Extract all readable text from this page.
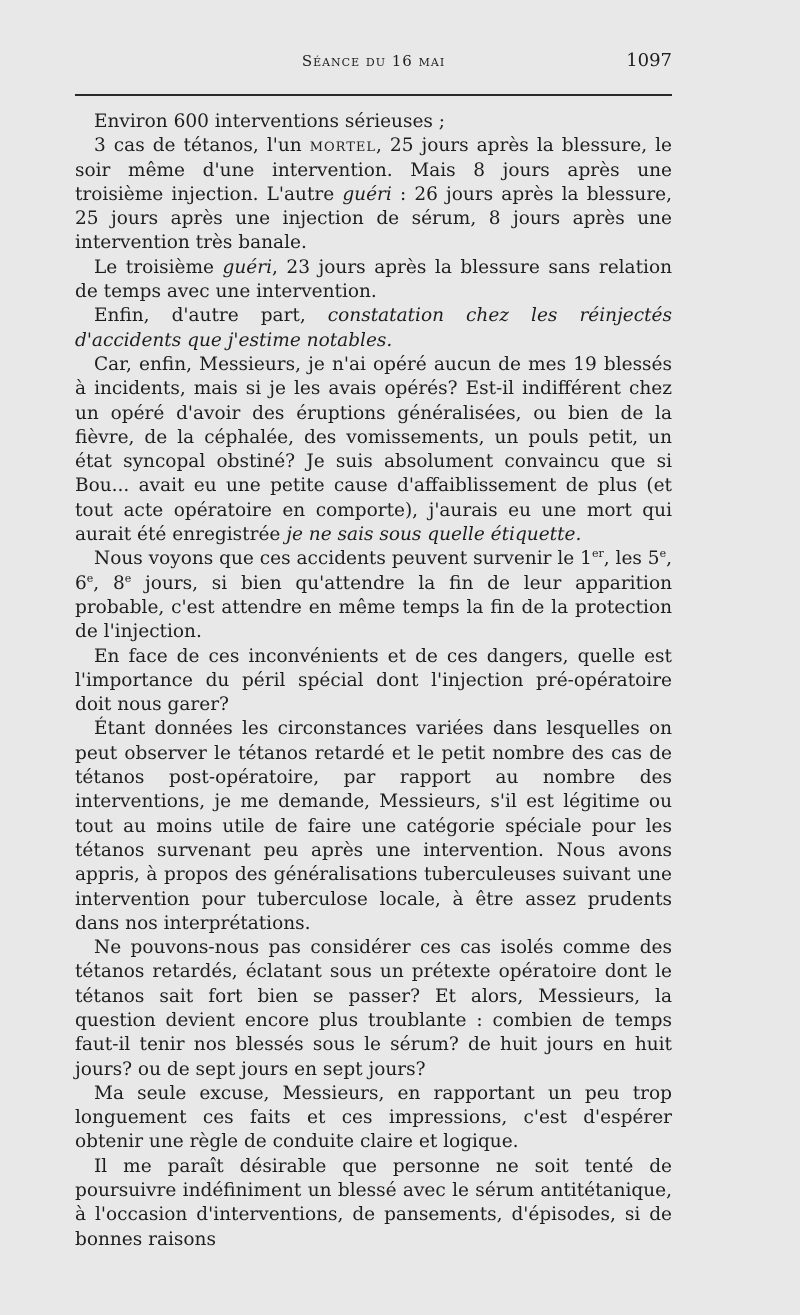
Séance du 16 mai	1097

Environ 600 interventions sérieuses ;

3 cas de tétanos, l'un mortel, 25 jours après la blessure, le soir même d'une intervention. Mais 8 jours après une troisième injection. L'autre guéri : 26 jours après la blessure, 25 jours après une injection de sérum, 8 jours après une intervention très banale.

Le troisième guéri, 23 jours après la blessure sans relation de temps avec une intervention.

Enfin, d'autre part, constatation chez les réinjectés d'accidents que j'estime notables.

Car, enfin, Messieurs, je n'ai opéré aucun de mes 19 blessés à incidents, mais si je les avais opérés? Est-il indifférent chez un opéré d'avoir des éruptions généralisées, ou bien de la fièvre, de la céphalée, des vomissements, un pouls petit, un état syncopal obstiné? Je suis absolument convaincu que si Bou... avait eu une petite cause d'affaiblissement de plus (et tout acte opératoire en comporte), j'aurais eu une mort qui aurait été enregistrée je ne sais sous quelle étiquette.

Nous voyons que ces accidents peuvent survenir le 1er, les 5e, 6e, 8e jours, si bien qu'attendre la fin de leur apparition probable, c'est attendre en même temps la fin de la protection de l'injection.

En face de ces inconvénients et de ces dangers, quelle est l'importance du péril spécial dont l'injection pré-opératoire doit nous garer?

Étant données les circonstances variées dans lesquelles on peut observer le tétanos retardé et le petit nombre des cas de tétanos post-opératoire, par rapport au nombre des interventions, je me demande, Messieurs, s'il est légitime ou tout au moins utile de faire une catégorie spéciale pour les tétanos survenant peu après une intervention. Nous avons appris, à propos des généralisations tuberculeuses suivant une intervention pour tuberculose locale, à être assez prudents dans nos interprétations.

Ne pouvons-nous pas considérer ces cas isolés comme des tétanos retardés, éclatant sous un prétexte opératoire dont le tétanos sait fort bien se passer? Et alors, Messieurs, la question devient encore plus troublante : combien de temps faut-il tenir nos blessés sous le sérum? de huit jours en huit jours? ou de sept jours en sept jours?

Ma seule excuse, Messieurs, en rapportant un peu trop longuement ces faits et ces impressions, c'est d'espérer obtenir une règle de conduite claire et logique.

Il me paraît désirable que personne ne soit tenté de poursuivre indéfiniment un blessé avec le sérum antitétanique, à l'occasion d'interventions, de pansements, d'épisodes, si de bonnes raisons
